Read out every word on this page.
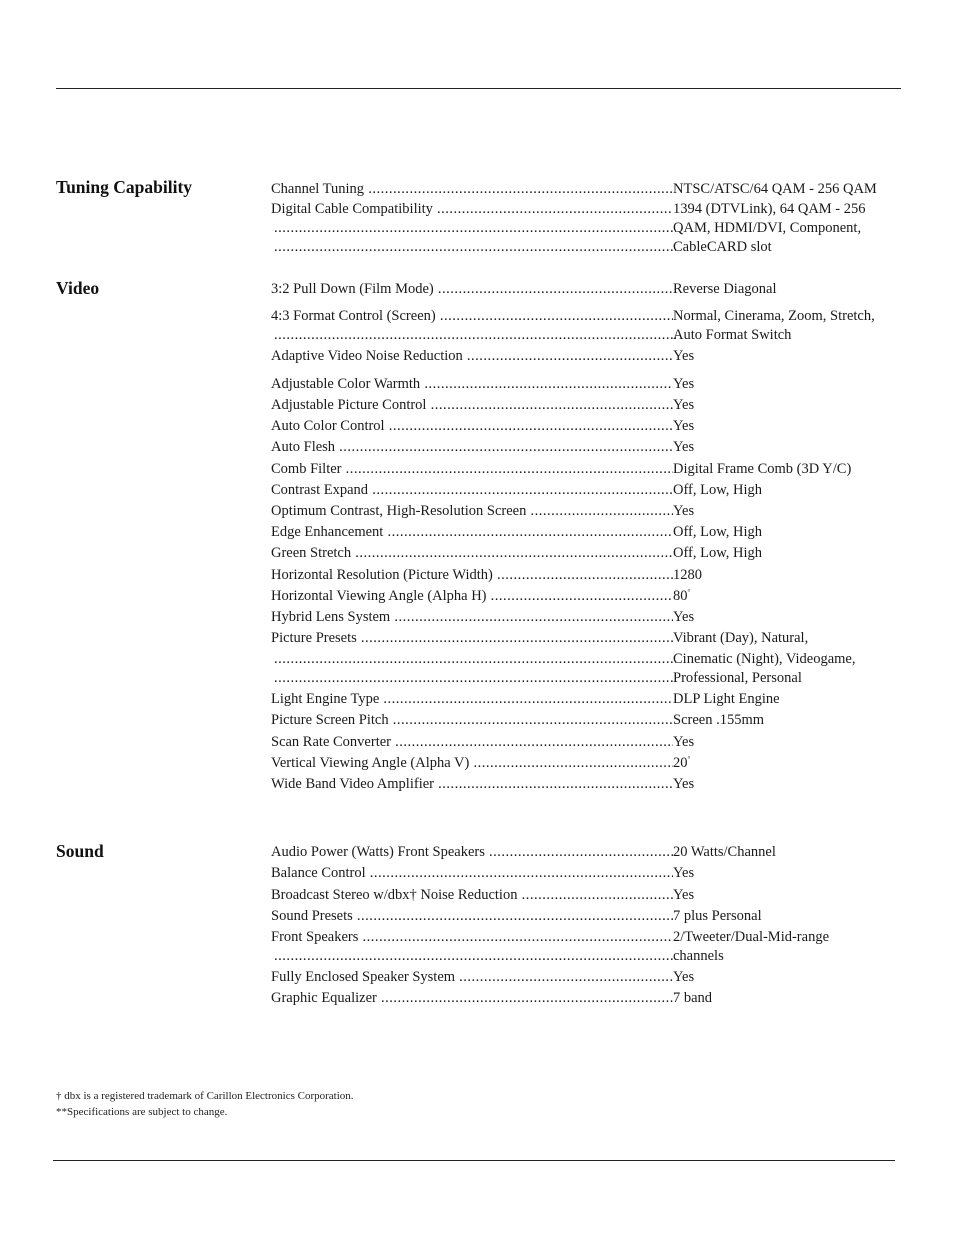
Tuning Capability	Channel Tuning .....	NTSC/ATSC/64 QAM - 256 QAM
Digital Cable Compatibility .....	1394 (DTVLink), 64 QAM - 256
.....
QAM, HDMI/DVI, Component,
.....
CableCARD slot
Video	3:2 Pull Down (Film Mode) .....	Reverse Diagonal
4:3 Format Control (Screen) .....	Normal, Cinerama, Zoom, Stretch,
.....
Auto Format Switch
Adaptive Video Noise Reduction .....	Yes
Adjustable Color Warmth .....	Yes
Adjustable Picture Control .....	Yes
Auto Color Control .....	Yes
Auto Flesh .....	Yes
Comb Filter .....	Digital Frame Comb (3D Y/C)
Contrast Expand .....	Off, Low, High
Optimum Contrast, High-Resolution Screen .....	Yes
Edge Enhancement .....	Off, Low, High
Green Stretch .....	Off, Low, High
Horizontal Resolution (Picture Width) .....	1280
Horizontal Viewing Angle (Alpha H) .....	80°
Hybrid Lens System .....	Yes
Picture Presets .....	Vibrant (Day), Natural,
.....
Cinematic (Night), Videogame,
.....
Professional, Personal
Light Engine Type .....	DLP Light Engine
Picture Screen Pitch .....	Screen .155mm
Scan Rate Converter .....	Yes
Vertical Viewing Angle (Alpha V) .....	20°
Wide Band Video Amplifier .....	Yes
Sound	Audio Power (Watts) Front Speakers .....	20 Watts/Channel
Balance Control .....	Yes
Broadcast Stereo w/dbx† Noise Reduction .....	Yes
Sound Presets .....	7 plus Personal
Front Speakers .....	2/Tweeter/Dual-Mid-range
.....
channels
Fully Enclosed Speaker System .....	Yes
Graphic Equalizer .....	7 band

† dbx is a registered trademark of Carillon Electronics Corporation.

**Specifications are subject to change.
